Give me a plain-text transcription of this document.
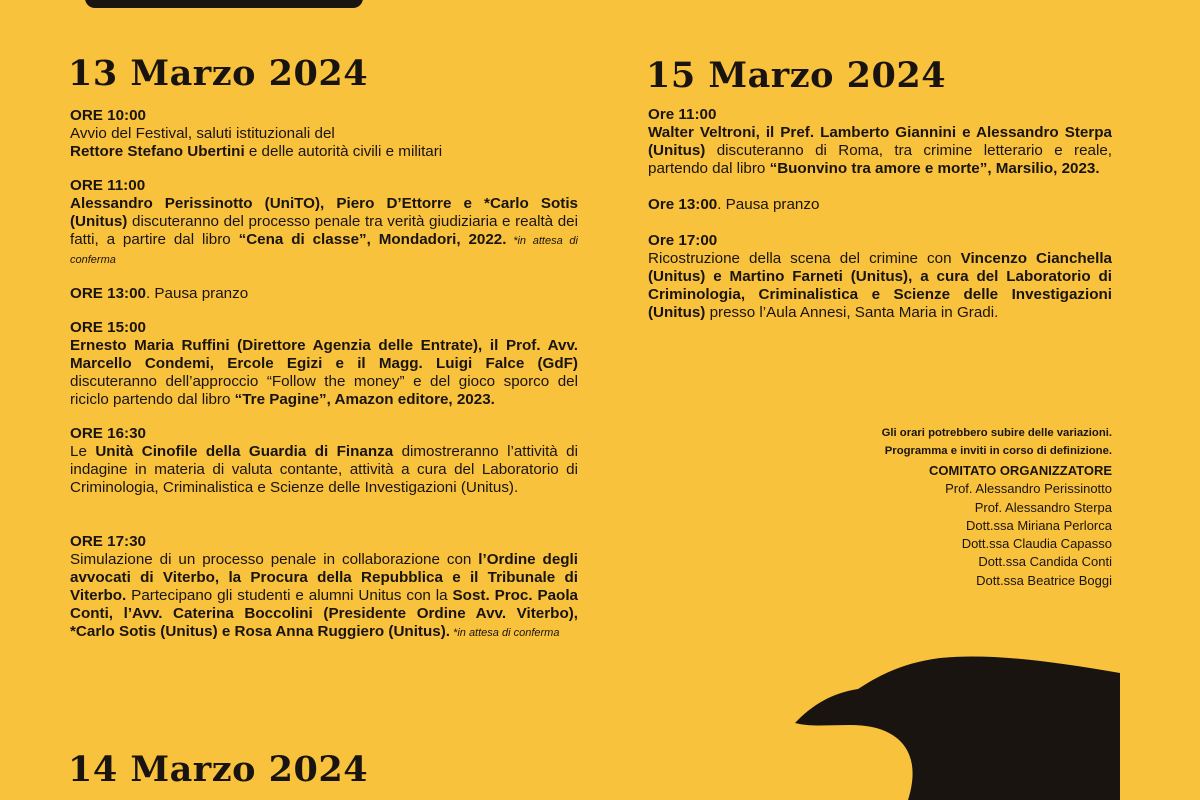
13 Marzo 2024
ORE 10:00

Avvio del Festival, saluti istituzionali del
Rettore Stefano Ubertini e delle autorità civili e militari

ORE 11:00

Alessandro Perissinotto (UniTO), Piero D’Ettorre e *Carlo Sotis (Unitus) discuteranno del processo penale tra verità giudiziaria e realtà dei fatti, a partire dal libro “Cena di classe”, Mondadori, 2022. *in attesa di conferma

ORE 13:00. Pausa pranzo

ORE 15:00

Ernesto Maria Ruffini (Direttore Agenzia delle Entrate), il Prof. Avv. Marcello Condemi, Ercole Egizi e il Magg. Luigi Falce (GdF) discuteranno dell’approccio “Follow the money” e del gioco sporco del riciclo partendo dal libro “Tre Pagine”, Amazon editore, 2023.

ORE 16:30

Le Unità Cinofile della Guardia di Finanza dimostreranno l’attività di indagine in materia di valuta contante, attività a cura del Laboratorio di Criminologia, Criminalistica e Scienze delle Investigazioni (Unitus).

ORE 17:30

Simulazione di un processo penale in collaborazione con l’Ordine degli avvocati di Viterbo, la Procura della Repubblica e il Tribunale di Viterbo. Partecipano gli studenti e alumni Unitus con la Sost. Proc. Paola Conti, l’Avv. Caterina Boccolini (Presidente Ordine Avv. Viterbo), *Carlo Sotis (Unitus) e Rosa Anna Ruggiero (Unitus). *in attesa di conferma

14 Marzo 2024
15 Marzo 2024
Ore 11:00

Walter Veltroni, il Pref. Lamberto Giannini e Alessandro Sterpa (Unitus) discuteranno di Roma, tra crimine letterario e reale, partendo dal libro “Buonvino tra amore e morte”, Marsilio, 2023.

Ore 13:00. Pausa pranzo

Ore 17:00

Ricostruzione della scena del crimine con Vincenzo Cianchella (Unitus) e Martino Farneti (Unitus), a cura del Laboratorio di Criminologia, Criminalistica e Scienze delle Investigazioni (Unitus) presso l’Aula Annesi, Santa Maria in Gradi.

Gli orari potrebbero subire delle variazioni.
Programma e inviti in corso di definizione.
COMITATO ORGANIZZATORE
Prof. Alessandro Perissinotto
Prof. Alessandro Sterpa
Dott.ssa Miriana Perlorca
Dott.ssa Claudia Capasso
Dott.ssa Candida Conti
Dott.ssa Beatrice Boggi
